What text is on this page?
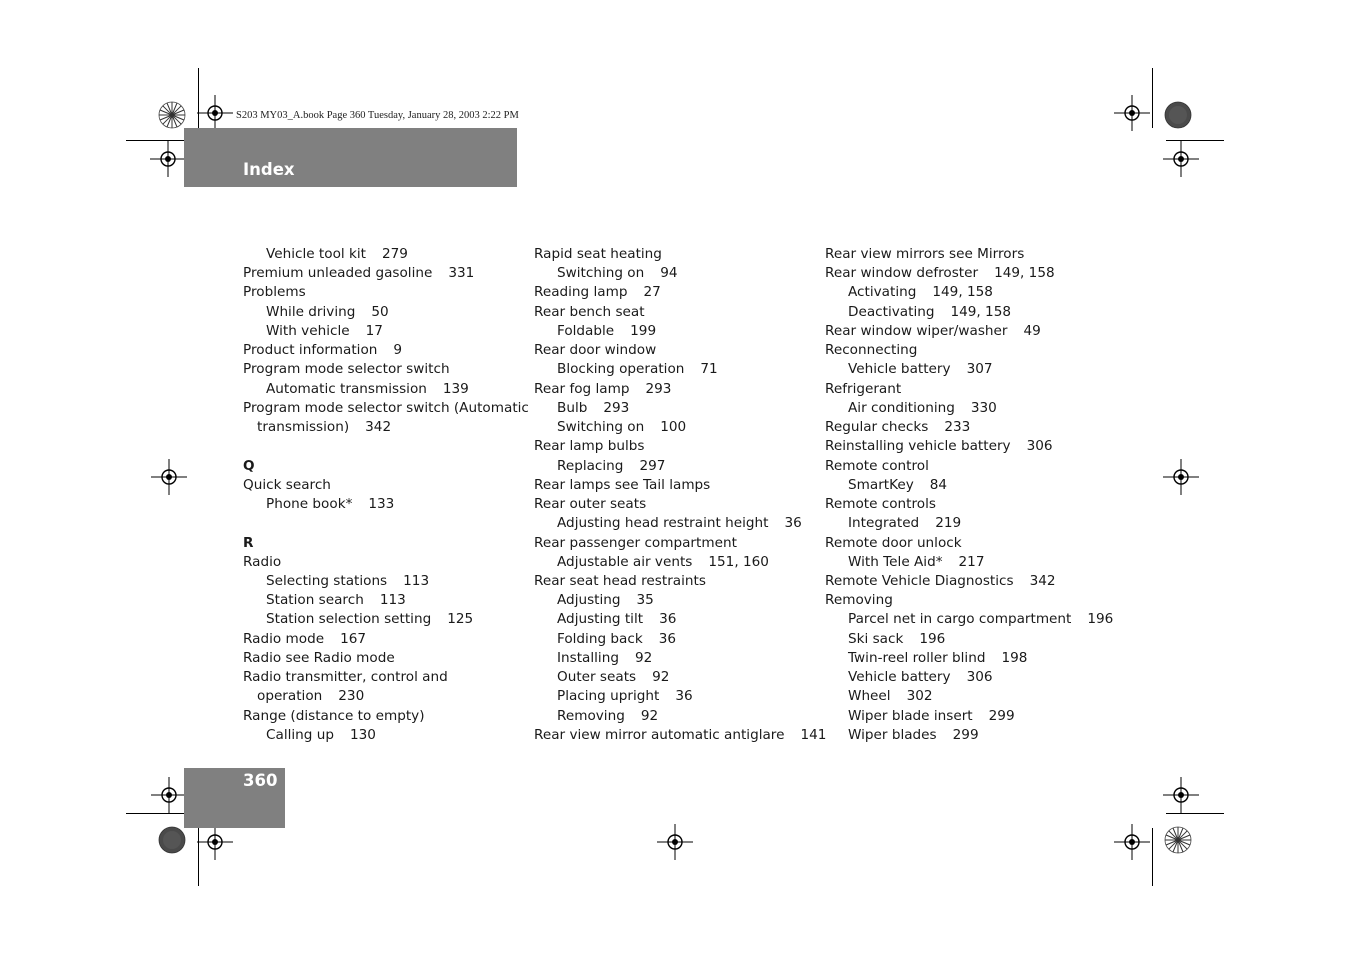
S203 MY03_A.book Page 360 Tuesday, January 28, 2003 2:22 PM
Index
Vehicle tool kit 279
Premium unleaded gasoline 331
Problems
While driving 50
With vehicle 17
Product information 9
Program mode selector switch
Automatic transmission 139
Program mode selector switch (Automatic
transmission) 342
Q
Quick search
Phone book* 133
R
Radio
Selecting stations 113
Station search 113
Station selection setting 125
Radio mode 167
Radio see Radio mode
Radio transmitter, control and
operation 230
Range (distance to empty)
Calling up 130
Rapid seat heating
Switching on 94
Reading lamp 27
Rear bench seat
Foldable 199
Rear door window
Blocking operation 71
Rear fog lamp 293
Bulb 293
Switching on 100
Rear lamp bulbs
Replacing 297
Rear lamps see Tail lamps
Rear outer seats
Adjusting head restraint height 36
Rear passenger compartment
Adjustable air vents 151, 160
Rear seat head restraints
Adjusting 35
Adjusting tilt 36
Folding back 36
Installing 92
Outer seats 92
Placing upright 36
Removing 92
Rear view mirror automatic antiglare 141
Rear view mirrors see Mirrors
Rear window defroster 149, 158
Activating 149, 158
Deactivating 149, 158
Rear window wiper/washer 49
Reconnecting
Vehicle battery 307
Refrigerant
Air conditioning 330
Regular checks 233
Reinstalling vehicle battery 306
Remote control
SmartKey 84
Remote controls
Integrated 219
Remote door unlock
With Tele Aid* 217
Remote Vehicle Diagnostics 342
Removing
Parcel net in cargo compartment 196
Ski sack 196
Twin-reel roller blind 198
Vehicle battery 306
Wheel 302
Wiper blade insert 299
Wiper blades 299
360
